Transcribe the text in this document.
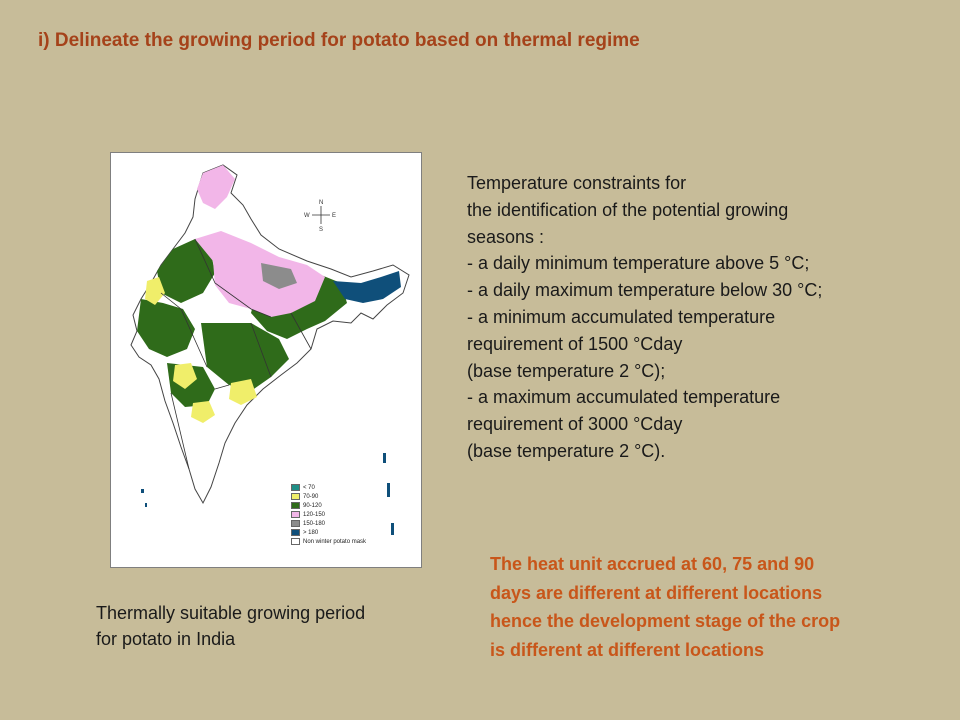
i) Delineate the growing period for potato based on thermal regime
N
S
E
W
< 70
70-90
90-120
120-150
150-180
> 180
Non winter potato mask
Thermally suitable growing period
for potato in India
Temperature constraints for
the identification of the potential growing
seasons :
- a daily minimum temperature above 5 °C;
- a daily maximum temperature below 30 °C;
- a minimum accumulated temperature
requirement of 1500 °Cday
(base temperature 2 °C);
- a maximum accumulated temperature
requirement of 3000 °Cday
(base temperature 2 °C).
The heat unit accrued at 60, 75 and 90
days are different at different locations
hence the development stage of the crop
is different at different locations
